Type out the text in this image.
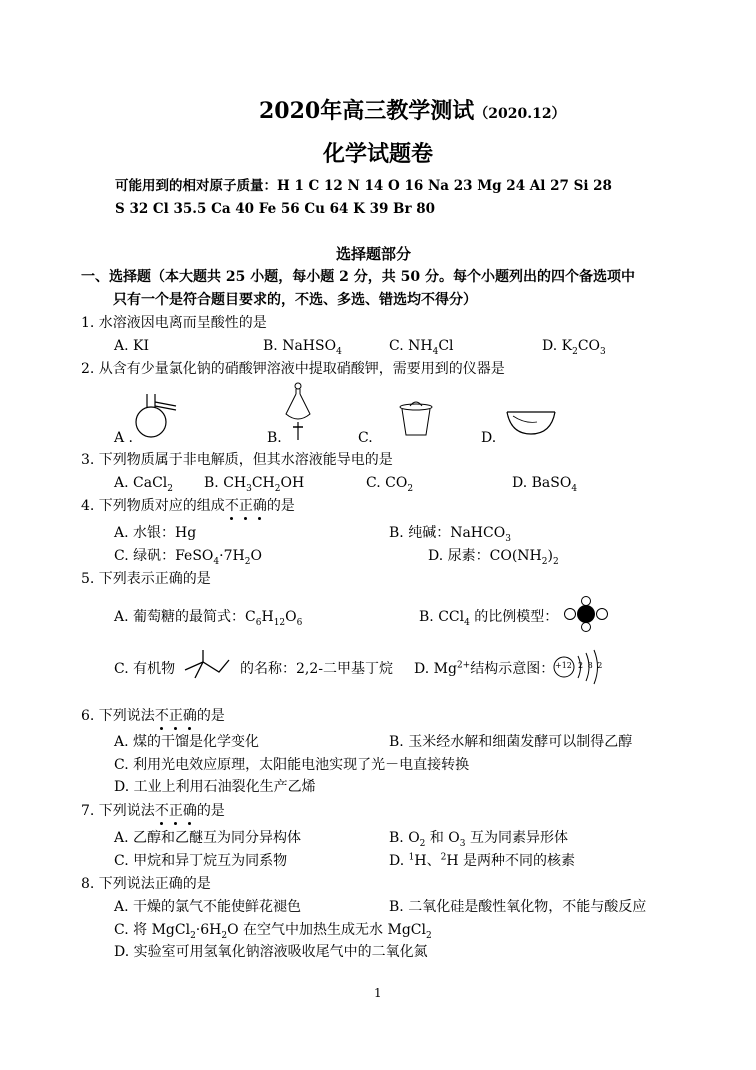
2020年高三教学测试（2020.12）
化学试题卷
可能用到的相对原子质量：H 1 C 12 N 14 O 16 Na 23 Mg 24 Al 27 Si 28
S 32 Cl 35.5 Ca 40 Fe 56 Cu 64 K 39 Br 80
选择题部分
一、选择题（本大题共 25 小题，每小题 2 分，共 50 分。每个小题列出的四个备选项中
只有一个是符合题目要求的，不选、多选、错选均不得分）
1. 水溶液因电离而呈酸性的是
A. KI	B. NaHSO$_4$	C. $NH_4Cl$	D. $K_2CO_3$
2. 从含有少量氯化钠的硝酸钾溶液中提取硝酸钾，需要用到的仪器是
A .	B.	C.	D.
3. 下列物质属于非电解质，但其水溶液能导电的是
A. CaCl$_2$ B. $CH_3CH_2OH$	C. $CO_2$	D. BaSO$_4$
4. 下列物质对应的组成不正确的是
A. 水银：Hg	B. 纯碱：NaHCO$_3$
C. 绿矾：$FeSO_4\cdot 7H_2O$	D. 尿素：$CO(NH_2)_2$
5. 下列表示正确的是
A. 葡萄糖的最简式：$C_6H_{12}O_6$	B. CCl$_4$ 的比例模型：
C. 有机物	的名称：2,2-二甲基丁烷 D. $Mg^{2+}$结构示意图： +12 2 8 2
6. 下列说法不正确的是
A. 煤的干馏是化学变化	B. 玉米经水解和细菌发酵可以制得乙醇
C. 利用光电效应原理，太阳能电池实现了光－电直接转换
D. 工业上利用石油裂化生产乙烯
7. 下列说法不正确的是
A. 乙醇和乙醚互为同分异构体	B. $O_2$ 和 $O_3$ 互为同素异形体
C. 甲烷和异丁烷互为同系物	D. $^1$H、$^2$H 是两种不同的核素
8. 下列说法正确的是
A. 干燥的氯气不能使鲜花褪色	B. 二氧化硅是酸性氧化物，不能与酸反应
C. 将 $MgCl_2\cdot 6H_2O$ 在空气中加热生成无水 MgCl$_2$
D. 实验室可用氢氧化钠溶液吸收尾气中的二氧化氮
1
